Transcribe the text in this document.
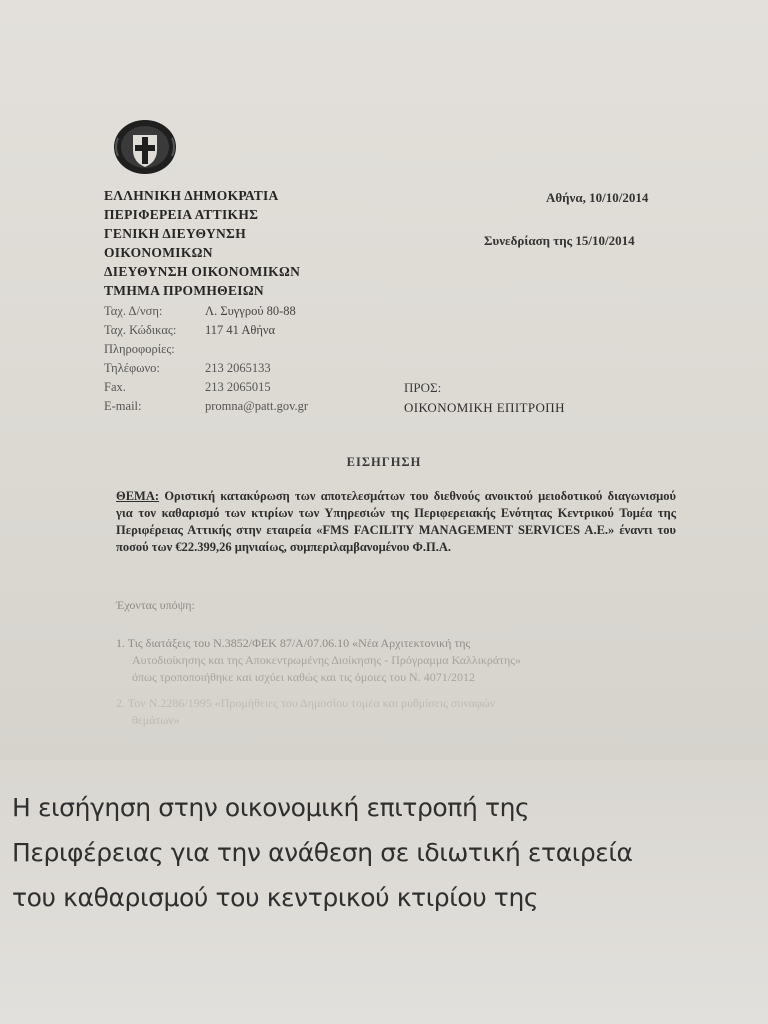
ΕΛΛΗΝΙΚΗ ΔΗΜΟΚΡΑΤΙΑ
ΠΕΡΙΦΕΡΕΙΑ ΑΤΤΙΚΗΣ
ΓΕΝΙΚΗ ΔΙΕΥΘΥΝΣΗ
ΟΙΚΟΝΟΜΙΚΩΝ
ΔΙΕΥΘΥΝΣΗ ΟΙΚΟΝΟΜΙΚΩΝ
ΤΜΗΜΑ ΠΡΟΜΗΘΕΙΩΝ
Αθήνα, 10/10/2014
Συνεδρίαση της 15/10/2014
Ταχ. Δ/νση:	Λ. Συγγρού 80-88
Ταχ. Κώδικας: 117 41 Αθήνα
Πληροφορίες:
Τηλέφωνο:	213 2065133
Fax.	213 2065015
E-mail:	promna@patt.gov.gr
ΠΡΟΣ:
ΟΙΚΟΝΟΜΙΚΗ ΕΠΙΤΡΟΠΗ
ΕΙΣΗΓΗΣΗ
ΘΕΜΑ: Οριστική κατακύρωση των αποτελεσμάτων του διεθνούς ανοικτού μειοδοτικού διαγωνισμού για τον καθαρισμό των κτιρίων των Υπηρεσιών της Περιφερειακής Ενότητας Κεντρικού Τομέα της Περιφέρειας Αττικής στην εταιρεία «FMS FACILITY MANAGEMENT SERVICES A.E.» έναντι του ποσού των €22.399,26 μηνιαίως, συμπεριλαμβανομένου Φ.Π.Α.
Έχοντας υπόψη:
1. Τις διατάξεις του Ν.3852/ΦΕΚ 87/Α/07.06.10 «Νέα Αρχιτεκτονική της
Αυτοδιοίκησης και της Αποκεντρωμένης Διοίκησης - Πρόγραμμα Καλλικράτης»
όπως τροποποιήθηκε και ισχύει καθώς και τις όμοιες του Ν. 4071/2012
2. Τον Ν.2286/1995 «Προμήθειες του Δημοσίου τομέα και ρυθμίσεις συναφών
θεμάτων»
Η εισήγηση στην οικονομική επιτροπή της
Περιφέρειας για την ανάθεση σε ιδιωτική εταιρεία
του καθαρισμού του κεντρικού κτιρίου της
